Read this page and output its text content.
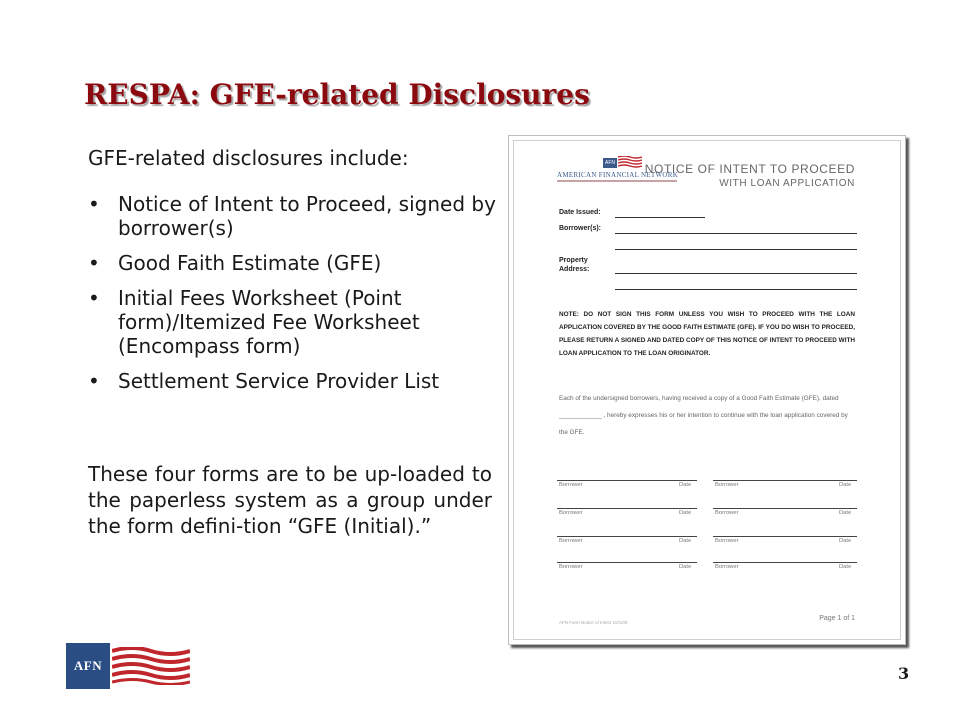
RESPA: GFE-related Disclosures
GFE-related disclosures include:
• Notice of Intent to Proceed, signed by borrower(s)
• Good Faith Estimate (GFE)
• Initial Fees Worksheet (Point form)/Itemized Fee Worksheet (Encompass form)
• Settlement Service Provider List

These four forms are to be up-loaded to the paperless system as a group under the form defini-tion “GFE (Initial).”

AFN
AMERICAN FINANCIAL NETWORK
NOTICE OF INTENT TO PROCEED
WITH LOAN APPLICATION
Date Issued:
Borrower(s):
Property
Address:
NOTE: DO NOT SIGN THIS FORM UNLESS YOU WISH TO PROCEED WITH THE LOAN APPLICATION COVERED BY THE GOOD FAITH ESTIMATE (GFE). IF YOU DO WISH TO PROCEED, PLEASE RETURN A SIGNED AND DATED COPY OF THIS NOTICE OF INTENT TO PROCEED WITH LOAN APPLICATION TO THE LOAN ORIGINATOR.
Each of the undersigned borrowers, having received a copy of a Good Faith Estimate (GFE), dated ____________ , hereby expresses his or her intention to continue with the loan application covered by the GFE.
Borrower	Date	Borrower	Date
Borrower	Date	Borrower	Date
Borrower	Date	Borrower	Date
Borrower	Date	Borrower	Date
AFN Form Notice of Intent 10/1/09
Page 1 of 1
AFN	3
